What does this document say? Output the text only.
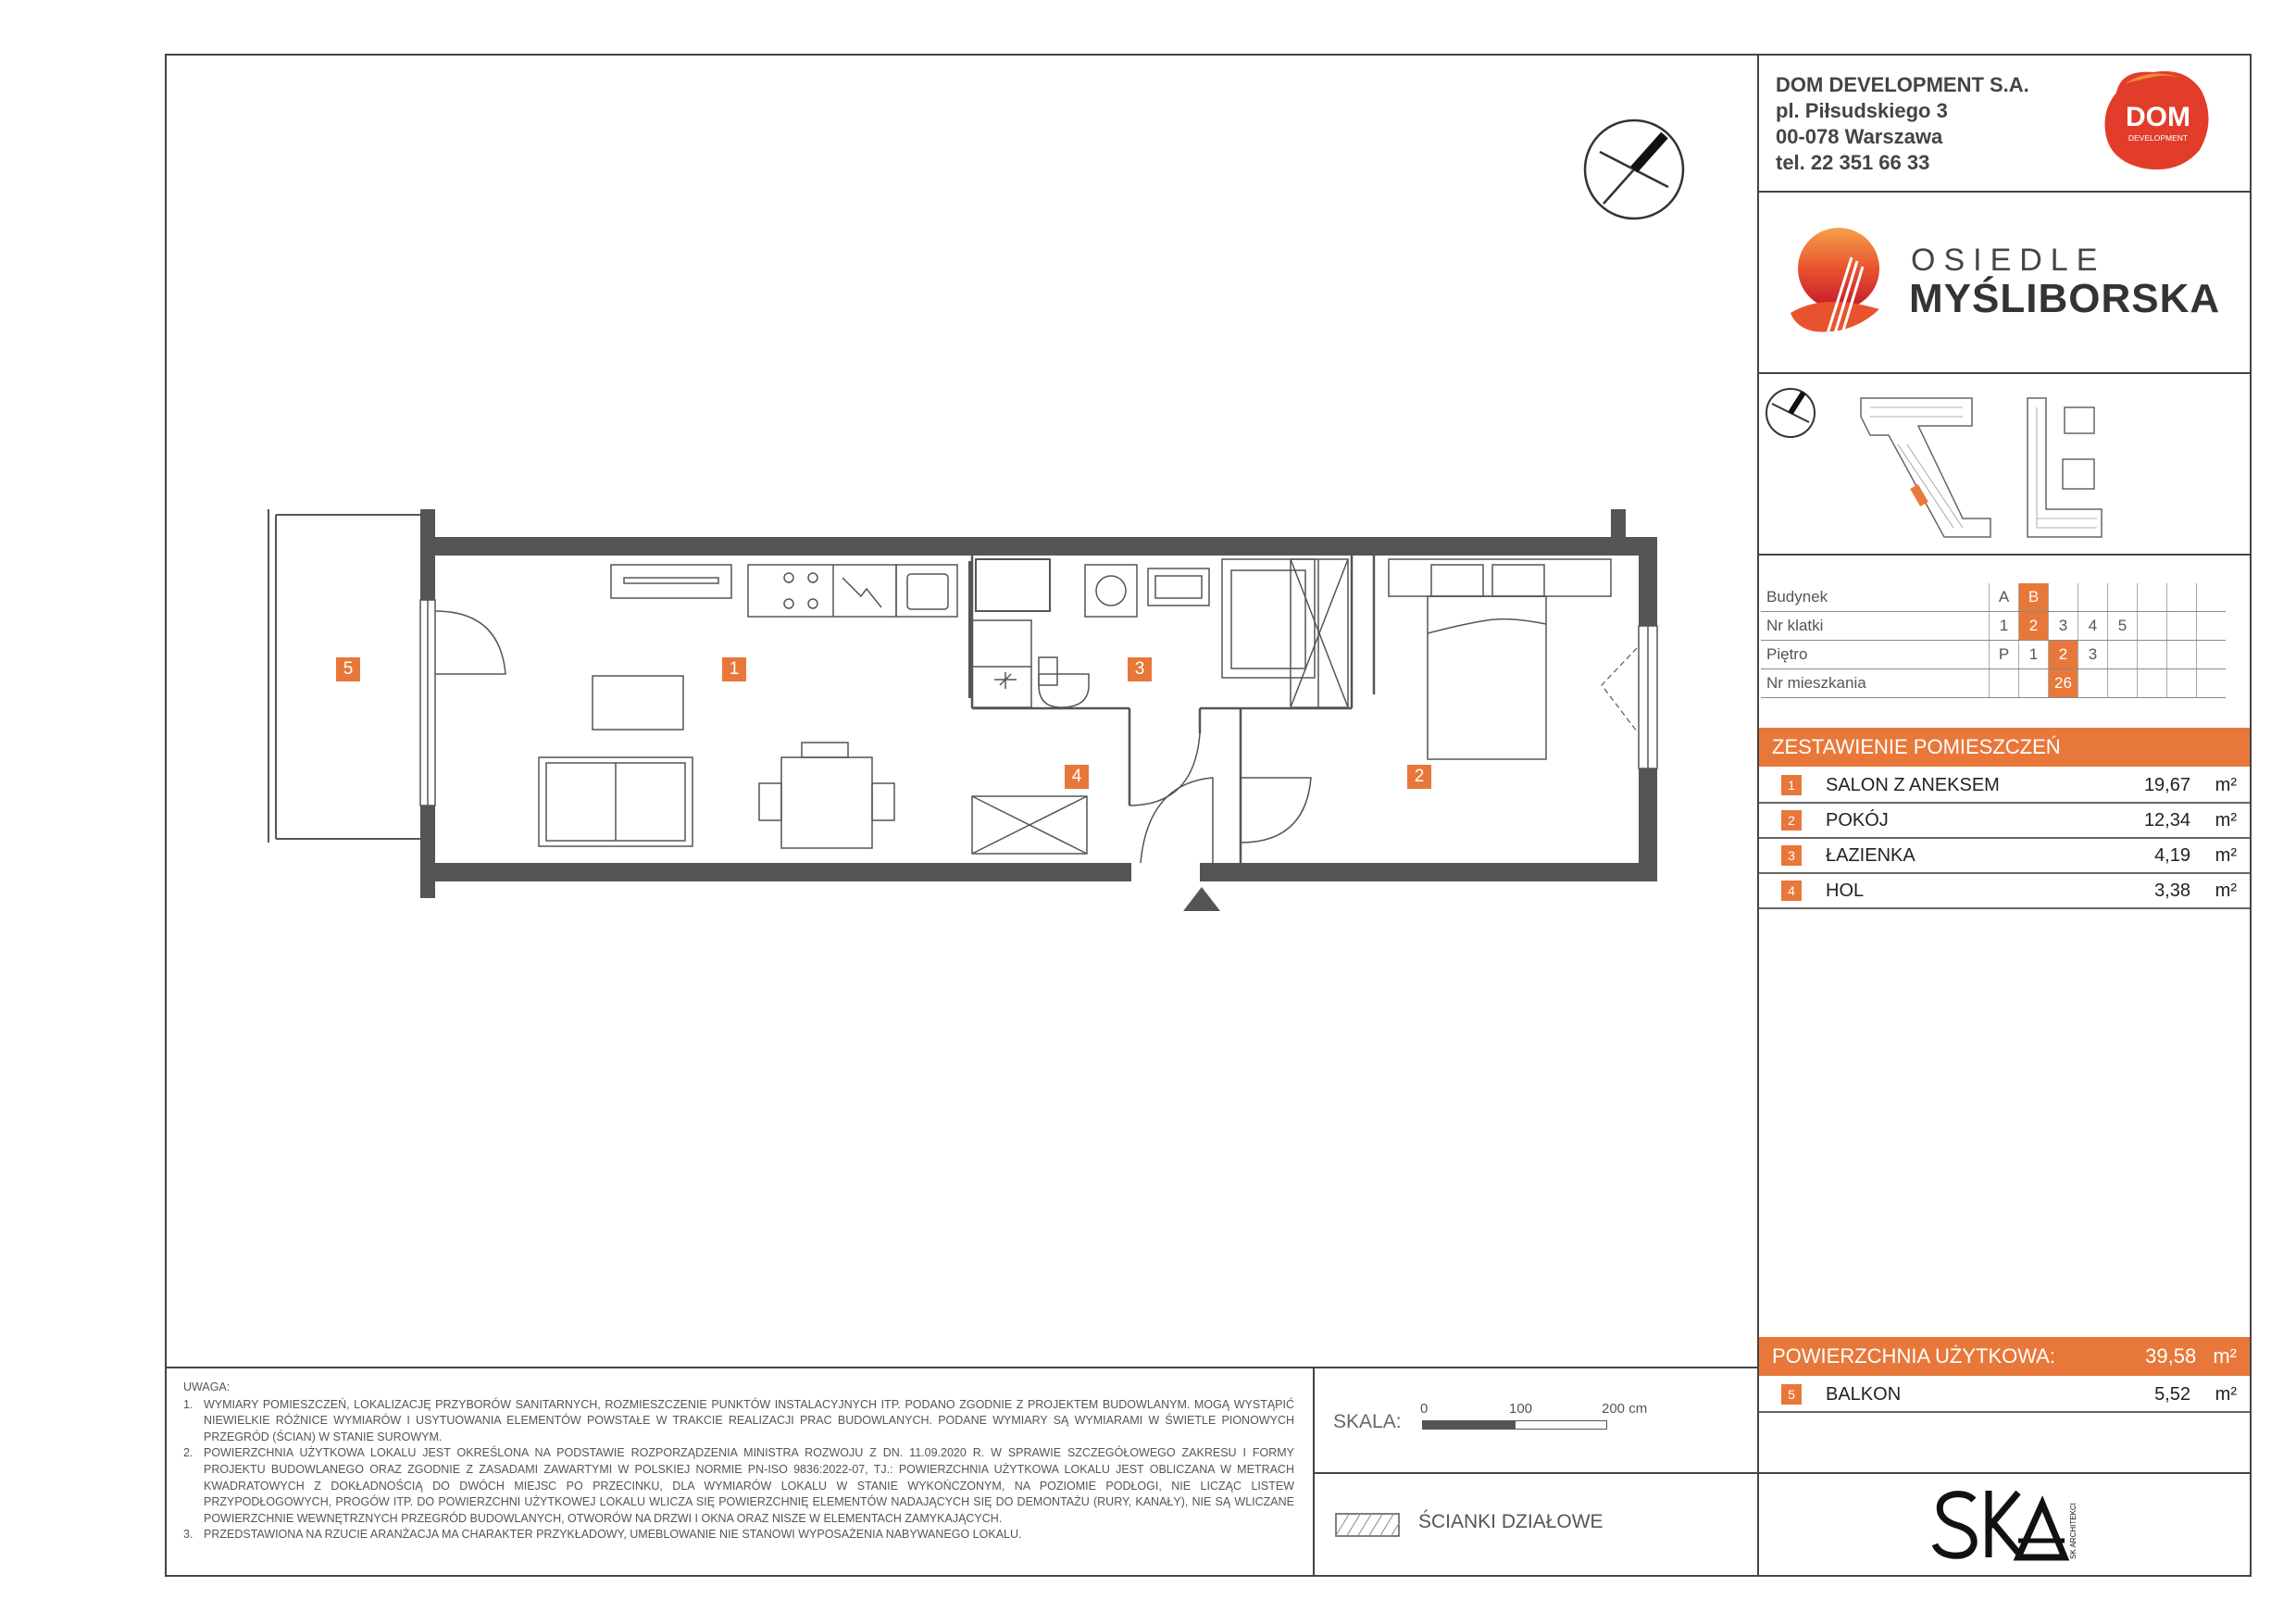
DOM DEVELOPMENT S.A.
pl. Piłsudskiego 3
00-078 Warszawa
tel. 22 351 66 33
DOM
DEVELOPMENT
OSIEDLE
MYŚLIBORSKA
Budynek	A	B						
Nr klatki	1	2	3	4	5			
Piętro	P	1	2	3				
Nr mieszkania			26					
ZESTAWIENIE POMIESZCZEŃ
1	SALON Z ANEKSEM	19,67	m²
2	POKÓJ	12,34	m²
3	ŁAZIENKA	4,19	m²
4	HOL	3,38	m²
POWIERZCHNIA UŻYTKOWA:	39,58 m²
5	BALKON	5,52	m²
UWAGA:
1. WYMIARY POMIESZCZEŃ, LOKALIZACJĘ PRZYBORÓW SANITARNYCH, ROZMIESZCZENIE PUNKTÓW INSTALACYJNYCH ITP. PODANO ZGODNIE Z PROJEKTEM BUDOWLANYM. MOGĄ WYSTĄPIĆ NIEWIELKIE RÓŻNICE WYMIARÓW I USYTUOWANIA ELEMENTÓW POWSTAŁE W TRAKCIE REALIZACJI PRAC BUDOWLANYCH. PODANE WYMIARY SĄ WYMIARAMI W ŚWIETLE PIONOWYCH PRZEGRÓD (ŚCIAN) W STANIE SUROWYM.
2. POWIERZCHNIA UŻYTKOWA LOKALU JEST OKREŚLONA NA PODSTAWIE ROZPORZĄDZENIA MINISTRA ROZWOJU Z DN. 11.09.2020 R. W SPRAWIE SZCZEGÓŁOWEGO ZAKRESU I FORMY PROJEKTU BUDOWLANEGO ORAZ ZGODNIE Z ZASADAMI ZAWARTYMI W POLSKIEJ NORMIE PN-ISO 9836:2022-07, TJ.: POWIERZCHNIA UŻYTKOWA LOKALU JEST OBLICZANA W METRACH KWADRATOWYCH Z DOKŁADNOŚCIĄ DO DWÓCH MIEJSC PO PRZECINKU, DLA WYMIARÓW LOKALU W STANIE WYKOŃCZONYM, NA POZIOMIE PODŁOGI, NIE LICZĄC LISTEW PRZYPODŁOGOWYCH, PROGÓW ITP. DO POWIERZCHNI UŻYTKOWEJ LOKALU WLICZA SIĘ POWIERZCHNIĘ ELEMENTÓW NADAJĄCYCH SIĘ DO DEMONTAŻU (RURY, KANAŁY), NIE SĄ WLICZANE POWIERZCHNIE WEWNĘTRZNYCH PRZEGRÓD BUDOWLANYCH, OTWORÓW NA DRZWI I OKNA ORAZ NISZE W ELEMENTACH ZAMYKAJĄCYCH.
3. PRZEDSTAWIONA NA RZUCIE ARANŻACJA MA CHARAKTER PRZYKŁADOWY, UMEBLOWANIE NIE STANOWI WYPOSAŻENIA NABYWANEGO LOKALU.
SKALA:
0	100	200 cm
ŚCIANKI DZIAŁOWE	SK ARCHITEKCI
5	1	3
4	2
